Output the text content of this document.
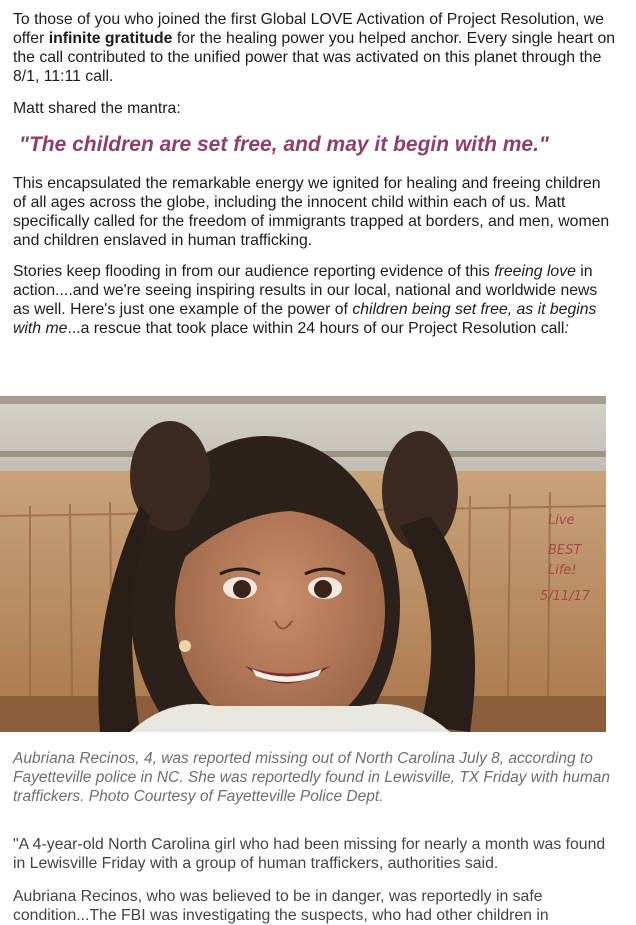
To those of you who joined the first Global LOVE Activation of Project Resolution, we offer infinite gratitude for the healing power you helped anchor. Every single heart on the call contributed to the unified power that was activated on this planet through the 8/1, 11:11 call.

Matt shared the mantra:

"The children are set free, and may it begin with me."

This encapsulated the remarkable energy we ignited for healing and freeing children of all ages across the globe, including the innocent child within each of us. Matt specifically called for the freedom of immigrants trapped at borders, and men, women and children enslaved in human trafficking.

Stories keep flooding in from our audience reporting evidence of this freeing love in action....and we're seeing inspiring results in our local, national and worldwide news as well. Here's just one example of the power of children being set free, as it begins with me...a rescue that took place within 24 hours of our Project Resolution call:

Live
BEST
Life!
5/11/17

Aubriana Recinos, 4, was reported missing out of North Carolina July 8, according to Fayetteville police in NC. She was reportedly found in Lewisville, TX Friday with human traffickers. Photo Courtesy of Fayetteville Police Dept.

"A 4-year-old North Carolina girl who had been missing for nearly a month was found in Lewisville Friday with a group of human traffickers, authorities said.

Aubriana Recinos, who was believed to be in danger, was reportedly in safe condition...The FBI was investigating the suspects, who had other children in
